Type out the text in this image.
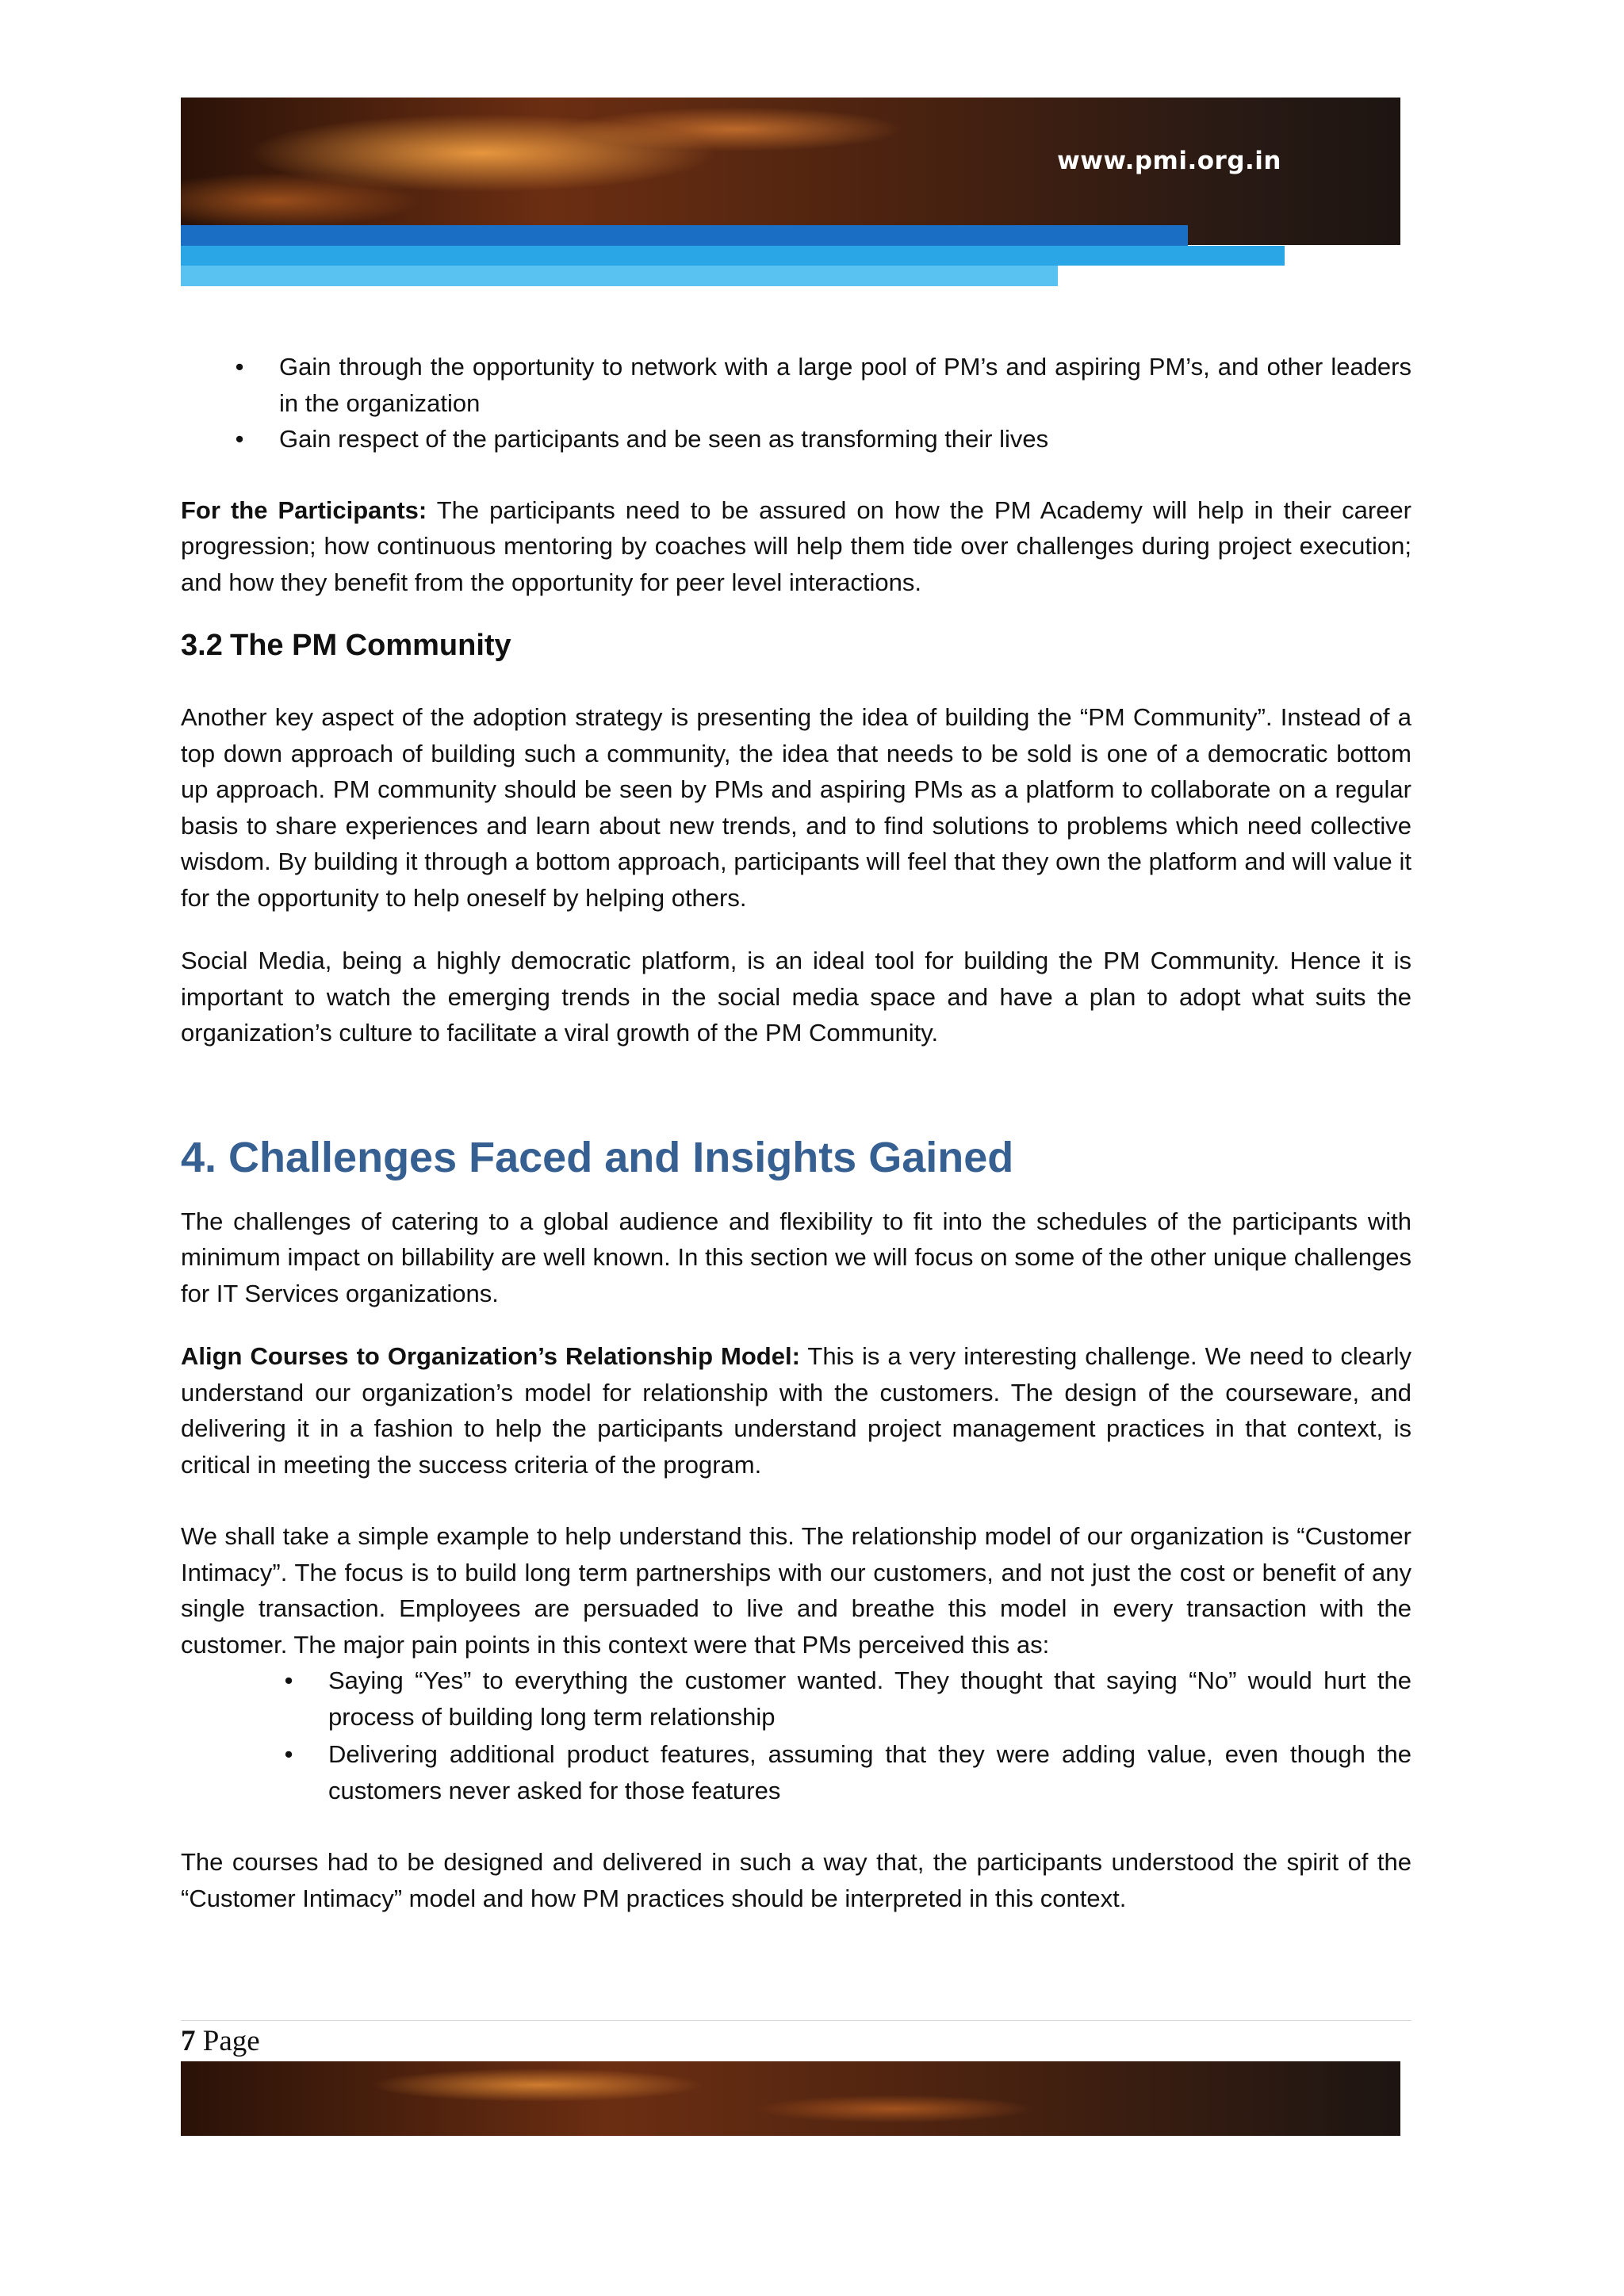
www.pmi.org.in
• Gain through the opportunity to network with a large pool of PM’s and aspiring PM’s, and other leaders in the organization
• Gain respect of the participants and be seen as transforming their lives

For the Participants: The participants need to be assured on how the PM Academy will help in their career progression; how continuous mentoring by coaches will help them tide over challenges during project execution; and how they benefit from the opportunity for peer level interactions.

3.2 The PM Community

Another key aspect of the adoption strategy is presenting the idea of building the “PM Community”. Instead of a top down approach of building such a community, the idea that needs to be sold is one of a democratic bottom up approach. PM community should be seen by PMs and aspiring PMs as a platform to collaborate on a regular basis to share experiences and learn about new trends, and to find solutions to problems which need collective wisdom. By building it through a bottom approach, participants will feel that they own the platform and will value it for the opportunity to help oneself by helping others.

Social Media, being a highly democratic platform, is an ideal tool for building the PM Community. Hence it is important to watch the emerging trends in the social media space and have a plan to adopt what suits the organization’s culture to facilitate a viral growth of the PM Community.

4. Challenges Faced and Insights Gained

The challenges of catering to a global audience and flexibility to fit into the schedules of the participants with minimum impact on billability are well known. In this section we will focus on some of the other unique challenges for IT Services organizations.

Align Courses to Organization’s Relationship Model: This is a very interesting challenge. We need to clearly understand our organization’s model for relationship with the customers. The design of the courseware, and delivering it in a fashion to help the participants understand project management practices in that context, is critical in meeting the success criteria of the program.

We shall take a simple example to help understand this. The relationship model of our organization is “Customer Intimacy”. The focus is to build long term partnerships with our customers, and not just the cost or benefit of any single transaction. Employees are persuaded to live and breathe this model in every transaction with the customer. The major pain points in this context were that PMs perceived this as:

• Saying “Yes” to everything the customer wanted. They thought that saying “No” would hurt the process of building long term relationship
• Delivering additional product features, assuming that they were adding value, even though the customers never asked for those features

The courses had to be designed and delivered in such a way that, the participants understood the spirit of the “Customer Intimacy” model and how PM practices should be interpreted in this context.

7 Page
